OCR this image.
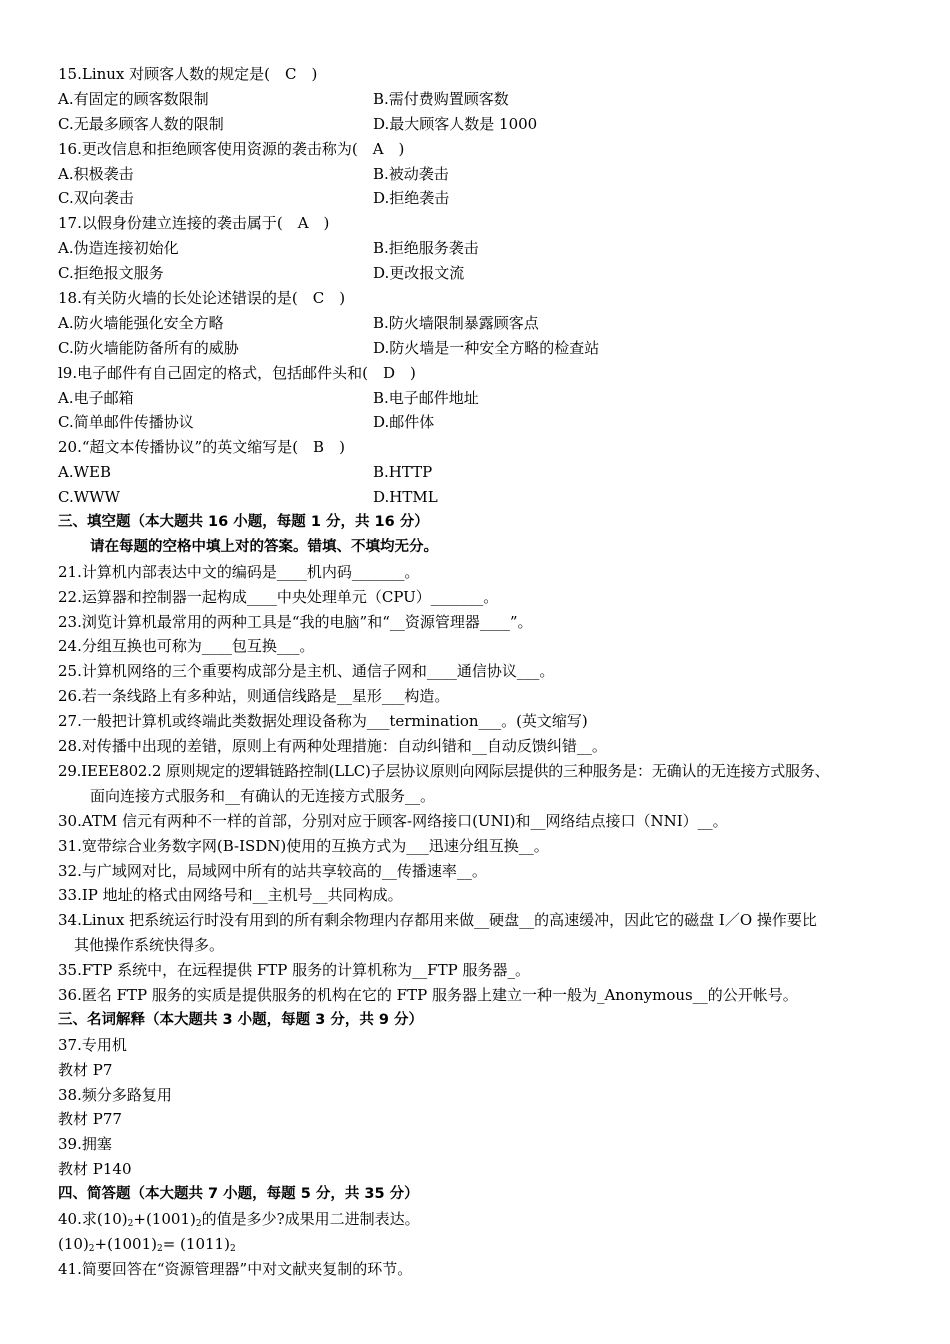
15.Linux 对顾客人数的规定是(　C　)
A.有固定的顾客数限制	B.需付费购置顾客数
C.无最多顾客人数的限制	D.最大顾客人数是 1000
16.更改信息和拒绝顾客使用资源的袭击称为(　A　)
A.积极袭击	B.被动袭击
C.双向袭击	D.拒绝袭击
17.以假身份建立连接的袭击属于(　A　)
A.伪造连接初始化	B.拒绝服务袭击
C.拒绝报文服务	D.更改报文流
18.有关防火墙的长处论述错误的是(　C　)
A.防火墙能强化安全方略	B.防火墙限制暴露顾客点
C.防火墙能防备所有的威胁	D.防火墙是一种安全方略的检查站
l9.电子邮件有自己固定的格式，包括邮件头和(　D　)
A.电子邮箱	B.电子邮件地址
C.简单邮件传播协议	D.邮件体
20.“超文本传播协议”的英文缩写是(　B　)
A.WEB	B.HTTP
C.WWW	D.HTML
三、填空题（本大题共 16 小题，每题 1 分，共 16 分）
请在每题的空格中填上对的答案。错填、不填均无分。
21.计算机内部表达中文的编码是____机内码_______。
22.运算器和控制器一起构成____中央处理单元（CPU）_______。
23.浏览计算机最常用的两种工具是“我的电脑”和“__资源管理器____”。
24.分组互换也可称为____包互换___。
25.计算机网络的三个重要构成部分是主机、通信子网和____通信协议___。
26.若一条线路上有多种站，则通信线路是__星形___构造。
27.一般把计算机或终端此类数据处理设备称为___termination___。(英文缩写)
28.对传播中出现的差错，原则上有两种处理措施：自动纠错和__自动反馈纠错__。
29.IEEE802.2 原则规定的逻辑链路控制(LLC)子层协议原则向网际层提供的三种服务是：无确认的无连接方式服务、
面向连接方式服务和__有确认的无连接方式服务__。
30.ATM 信元有两种不一样的首部，分别对应于顾客-网络接口(UNI)和__网络结点接口（NNI）__。
31.宽带综合业务数字网(B-ISDN)使用的互换方式为___迅速分组互换__。
32.与广域网对比，局域网中所有的站共享较高的__传播速率__。
33.IP 地址的格式由网络号和__主机号__共同构成。
34.Linux 把系统运行时没有用到的所有剩余物理内存都用来做__硬盘__的高速缓冲，因此它的磁盘 I／O 操作要比
其他操作系统快得多。
35.FTP 系统中，在远程提供 FTP 服务的计算机称为__FTP 服务器_。
36.匿名 FTP 服务的实质是提供服务的机构在它的 FTP 服务器上建立一种一般为_Anonymous__的公开帐号。
三、名词解释（本大题共 3 小题，每题 3 分，共 9 分）
37.专用机
教材 P7
38.频分多路复用
教材 P77
39.拥塞
教材 P140
四、简答题（本大题共 7 小题，每题 5 分，共 35 分）
40.求$(10)_2+(1001)_2$的值是多少?成果用二进制表达。
$(10)_2+(1001)_2= (1011)_2$
41.简要回答在“资源管理器”中对文献夹复制的环节。
